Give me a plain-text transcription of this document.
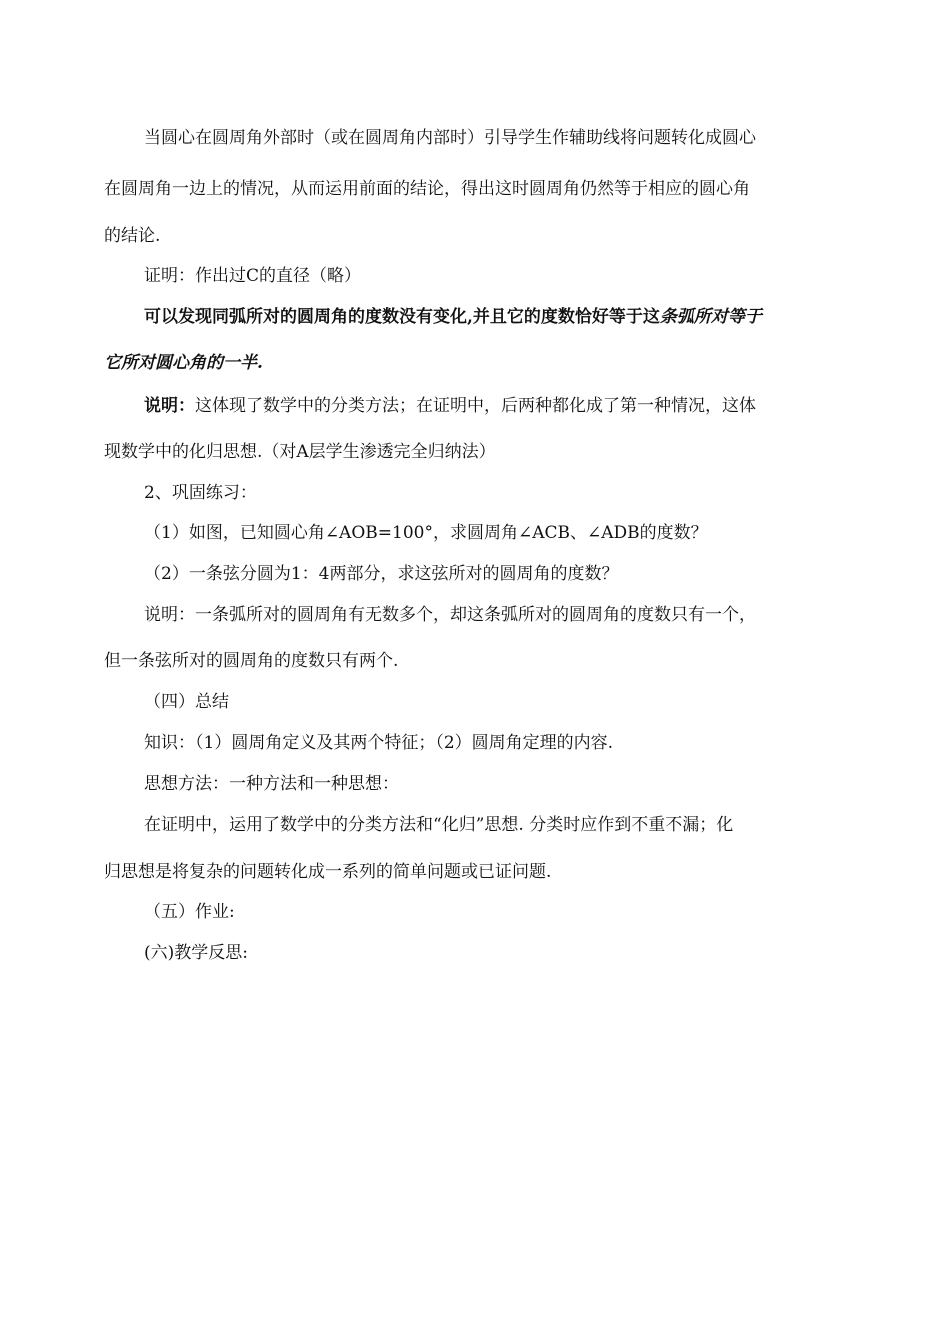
当圆心在圆周角外部时（或在圆周角内部时）引导学生作辅助线将问题转化成圆心
在圆周角一边上的情况，从而运用前面的结论，得出这时圆周角仍然等于相应的圆心角
的结论.
证明：作出过C的直径（略）
可以发现同弧所对的圆周角的度数没有变化,并且它的度数恰好等于这条弧所对等于
它所对圆心角的一半.
说明：这体现了数学中的分类方法；在证明中，后两种都化成了第一种情况，这体
现数学中的化归思想.（对A层学生渗透完全归纳法）
2、巩固练习：
（1）如图，已知圆心角∠AOB=100°，求圆周角∠ACB、∠ADB的度数？
（2）一条弦分圆为1：4两部分，求这弦所对的圆周角的度数？
说明：一条弧所对的圆周角有无数多个，却这条弧所对的圆周角的度数只有一个，
但一条弦所对的圆周角的度数只有两个.
（四）总结
知识：（1）圆周角定义及其两个特征；（2）圆周角定理的内容.
思想方法：一种方法和一种思想：
在证明中，运用了数学中的分类方法和“化归”思想. 分类时应作到不重不漏；化
归思想是将复杂的问题转化成一系列的简单问题或已证问题.
（五）作业:
(六)教学反思:
